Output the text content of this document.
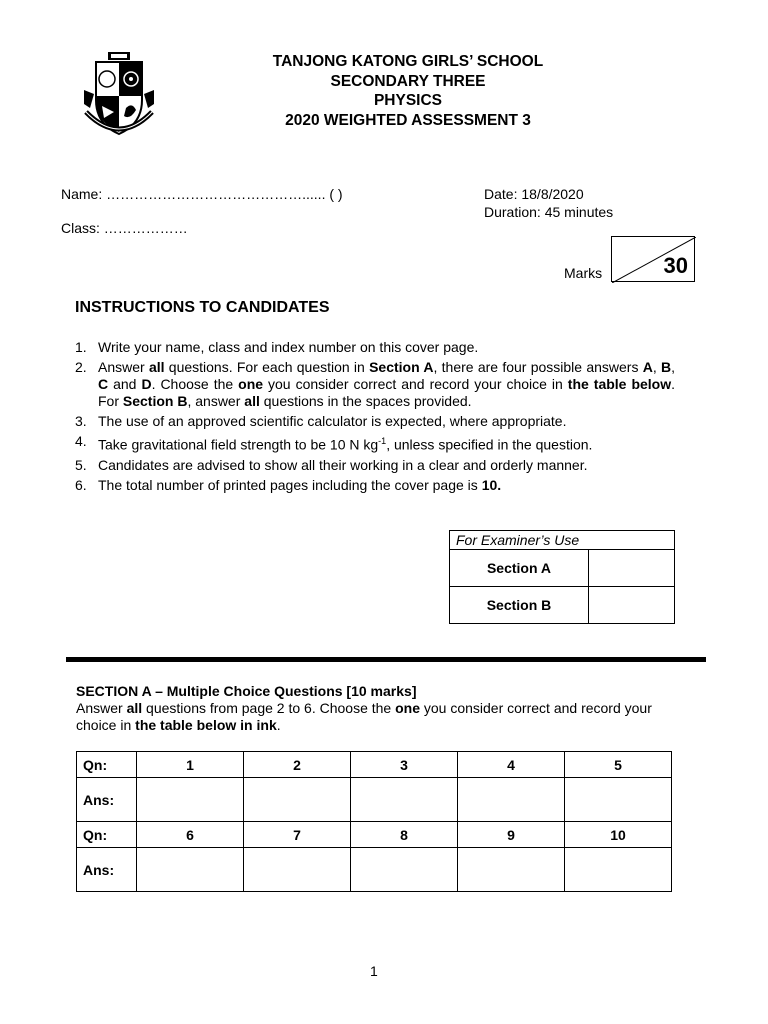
TANJONG KATONG GIRLS’ SCHOOL
SECONDARY THREE
PHYSICS
2020 WEIGHTED ASSESSMENT 3
Name: ……………………………………...... ( )
Class: ………………
Date: 18/8/2020
Duration: 45 minutes
Marks	30
INSTRUCTIONS TO CANDIDATES
1. Write your name, class and index number on this cover page.
2. Answer all questions. For each question in Section A, there are four possible answers A, B, C and D. Choose the one you consider correct and record your choice in the table below. For Section B, answer all questions in the spaces provided.
3. The use of an approved scientific calculator is expected, where appropriate.
4. Take gravitational field strength to be 10 N $kg^{-1}$, unless specified in the question.
5. Candidates are advised to show all their working in a clear and orderly manner.
6. The total number of printed pages including the cover page is 10.
For Examiner’s Use	
Section A	
Section B	
SECTION A – Multiple Choice Questions [10 marks]
Answer all questions from page 2 to 6. Choose the one you consider correct and record your choice in the table below in ink.
Qn:	1	2	3	4	5
Ans:					
Qn:	6	7	8	9	10
Ans:					
1
